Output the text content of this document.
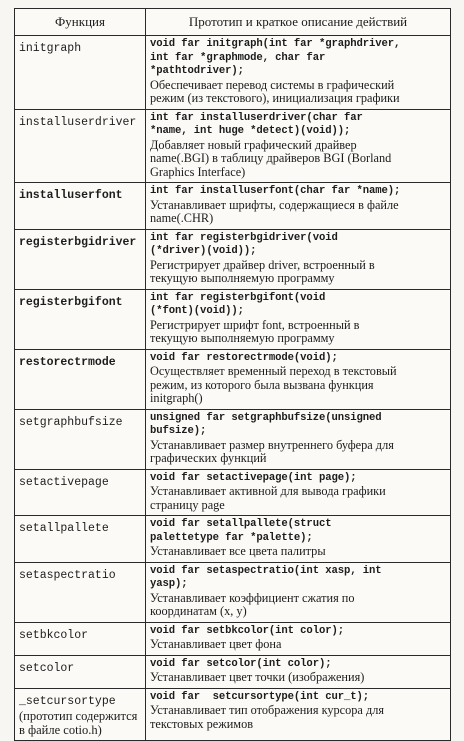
Функция	Прототип и краткое описание действий
initgraph	void far initgraph(int far *graphdriver,
int far *graphmode, char far
*pathtodriver);
Обеспечивает перевод системы в графический
режим (из текстового), инициализация графики

installuserdriver	int far installuserdriver(char far
*name, int huge *detect)(void));
Добавляет новый графический драйвер
name(.BGI) в таблицу драйверов BGI (Borland
Graphics Interface)

installuserfont	int far installuserfont(char far *name);
Устанавливает шрифты, содержащиеся в файле
name(.CHR)

registerbgidriver	int far registerbgidriver(void
(*driver)(void));
Регистрирует драйвер driver, встроенный в
текущую выполняемую программу

registerbgifont	int far registerbgifont(void
(*font)(void));
Регистрирует шрифт font, встроенный в
текущую выполняемую программу

restorectrmode	void far restorectrmode(void);
Осуществляет временный переход в текстовый
режим, из которого была вызвана функция
initgraph()

setgraphbufsize	unsigned far setgraphbufsize(unsigned
bufsize);
Устанавливает размер внутреннего буфера для
графических функций

setactivepage	void far setactivepage(int page);
Устанавливает активной для вывода графики
страницу page

setallpallete	void far setallpallete(struct
palettetype far *palette);
Устанавливает все цвета палитры

setaspectratio	void far setaspectratio(int xasp, int
yasp);
Устанавливает коэффициент сжатия по
координатам (x, y)

setbkcolor	void far setbkcolor(int color);
Устанавливает цвет фона

setcolor	void far setcolor(int color);
Устанавливает цвет точки (изображения)

_setcursortype
(прототип содержится
в файле cotio.h)	void far  setcursortype(int cur_t);
Устанавливает тип отображения курсора для
текстовых режимов
